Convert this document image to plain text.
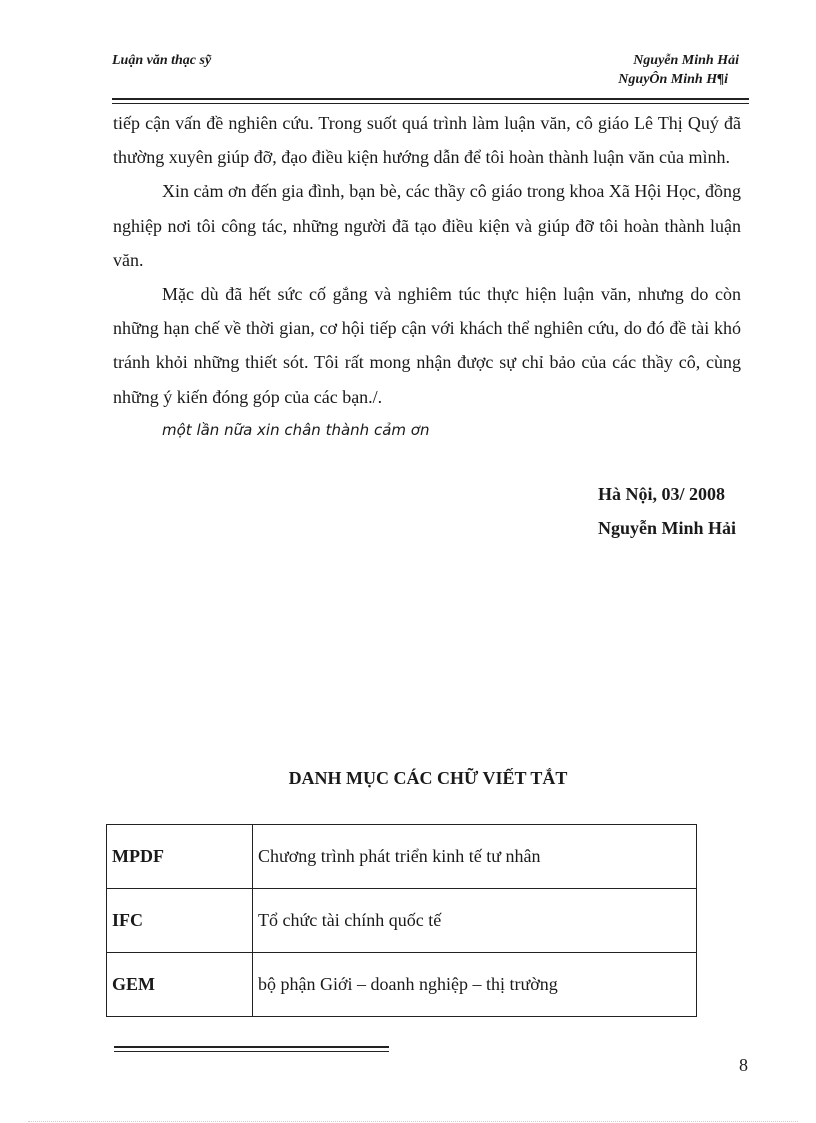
Luận văn thạc sỹ	Nguyễn Minh Hải
NguyÔn Minh H¶i

tiếp cận vấn đề nghiên cứu. Trong suốt quá trình làm luận văn, cô giáo Lê Thị Quý đã thường xuyên giúp đỡ, đạo điều kiện hướng dẫn để tôi hoàn thành luận văn của mình.

Xin cảm ơn đến gia đình, bạn bè, các thầy cô giáo trong khoa Xã Hội Học, đồng nghiệp nơi tôi công tác, những người đã tạo điều kiện và giúp đỡ tôi hoàn thành luận văn.

Mặc dù đã hết sức cố gắng và nghiêm túc thực hiện luận văn, nhưng do còn những hạn chế về thời gian, cơ hội tiếp cận với khách thể nghiên cứu, do đó đề tài khó tránh khỏi những thiết sót. Tôi rất mong nhận được sự chỉ bảo của các thầy cô, cùng những ý kiến đóng góp của các bạn./.

một lần nữa xin chân thành cảm ơn

Hà Nội, 03/ 2008
Nguyễn Minh Hải
DANH MỤC CÁC CHỮ VIẾT TẮT
MPDF	Chương trình phát triển kinh tế tư nhân
IFC	Tổ chức tài chính quốc tế
GEM	bộ phận Giới – doanh nghiệp – thị trường
8
